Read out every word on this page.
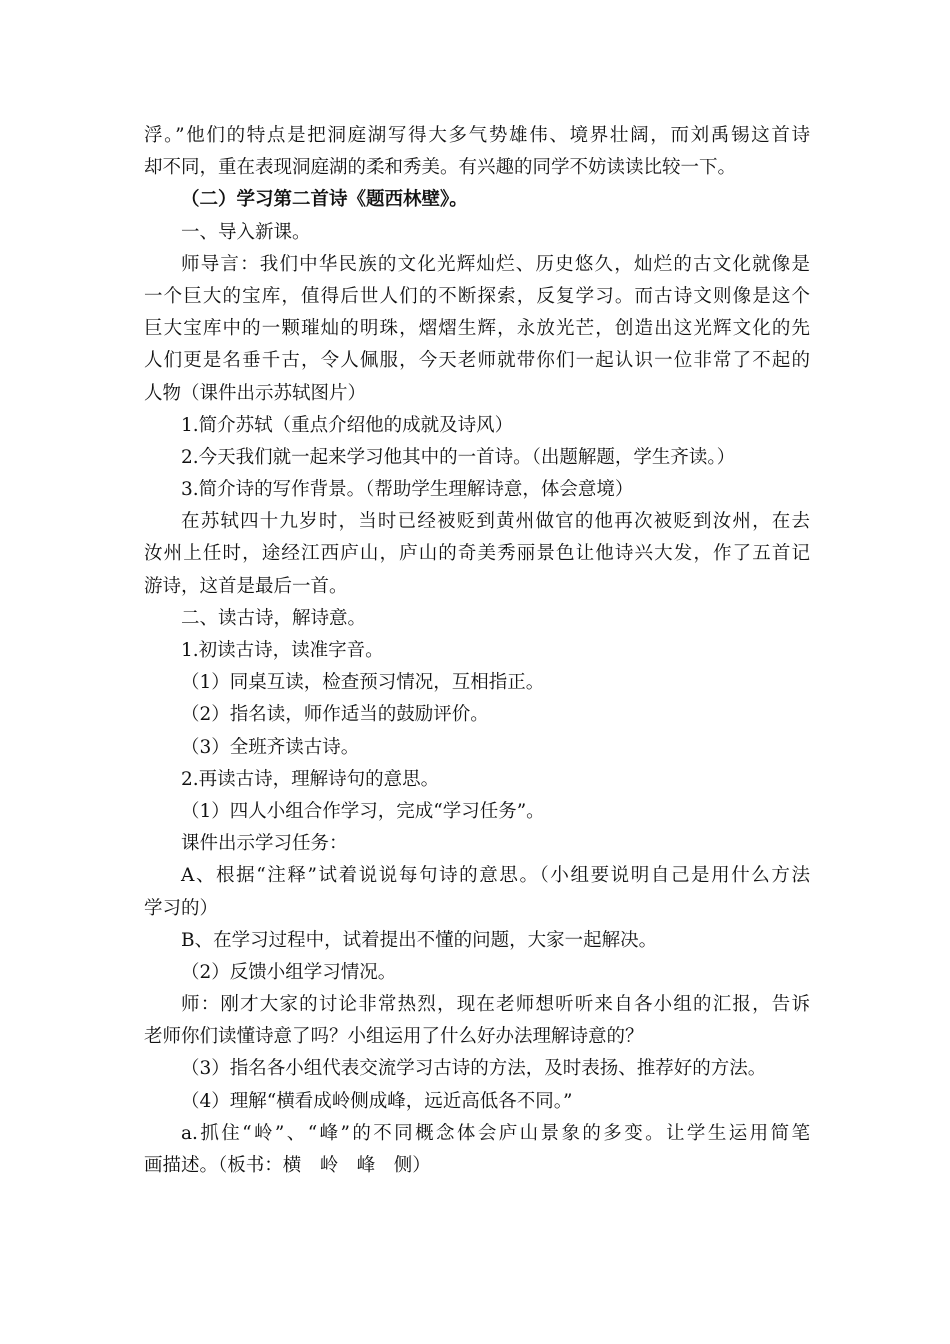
浮。”他们的特点是把洞庭湖写得大多气势雄伟、境界壮阔，而刘禹锡这首诗
却不同，重在表现洞庭湖的柔和秀美。有兴趣的同学不妨读读比较一下。
（二）学习第二首诗《题西林壁》。
一、导入新课。
师导言：我们中华民族的文化光辉灿烂、历史悠久，灿烂的古文化就像是
一个巨大的宝库，值得后世人们的不断探索，反复学习。而古诗文则像是这个
巨大宝库中的一颗璀灿的明珠，熠熠生辉，永放光芒，创造出这光辉文化的先
人们更是名垂千古，令人佩服，今天老师就带你们一起认识一位非常了不起的
人物（课件出示苏轼图片）
1.简介苏轼（重点介绍他的成就及诗风）
2.今天我们就一起来学习他其中的一首诗。（出题解题，学生齐读。）
3.简介诗的写作背景。（帮助学生理解诗意，体会意境）
在苏轼四十九岁时，当时已经被贬到黄州做官的他再次被贬到汝州，在去
汝州上任时，途经江西庐山，庐山的奇美秀丽景色让他诗兴大发，作了五首记
游诗，这首是最后一首。
二、读古诗，解诗意。
1.初读古诗，读准字音。
（1）同桌互读，检查预习情况，互相指正。
（2）指名读，师作适当的鼓励评价。
（3）全班齐读古诗。
2.再读古诗，理解诗句的意思。
（1）四人小组合作学习，完成“学习任务”。
课件出示学习任务：
A、根据“注释”试着说说每句诗的意思。（小组要说明自己是用什么方法
学习的）
B、在学习过程中，试着提出不懂的问题，大家一起解决。
（2）反馈小组学习情况。
师：刚才大家的讨论非常热烈，现在老师想听听来自各小组的汇报，告诉
老师你们读懂诗意了吗？小组运用了什么好办法理解诗意的？
（3）指名各小组代表交流学习古诗的方法，及时表扬、推荐好的方法。
（4）理解“横看成岭侧成峰，远近高低各不同。”
a.抓住“岭”、“峰”的不同概念体会庐山景象的多变。让学生运用简笔
画描述。（板书：横　岭　峰　侧）
